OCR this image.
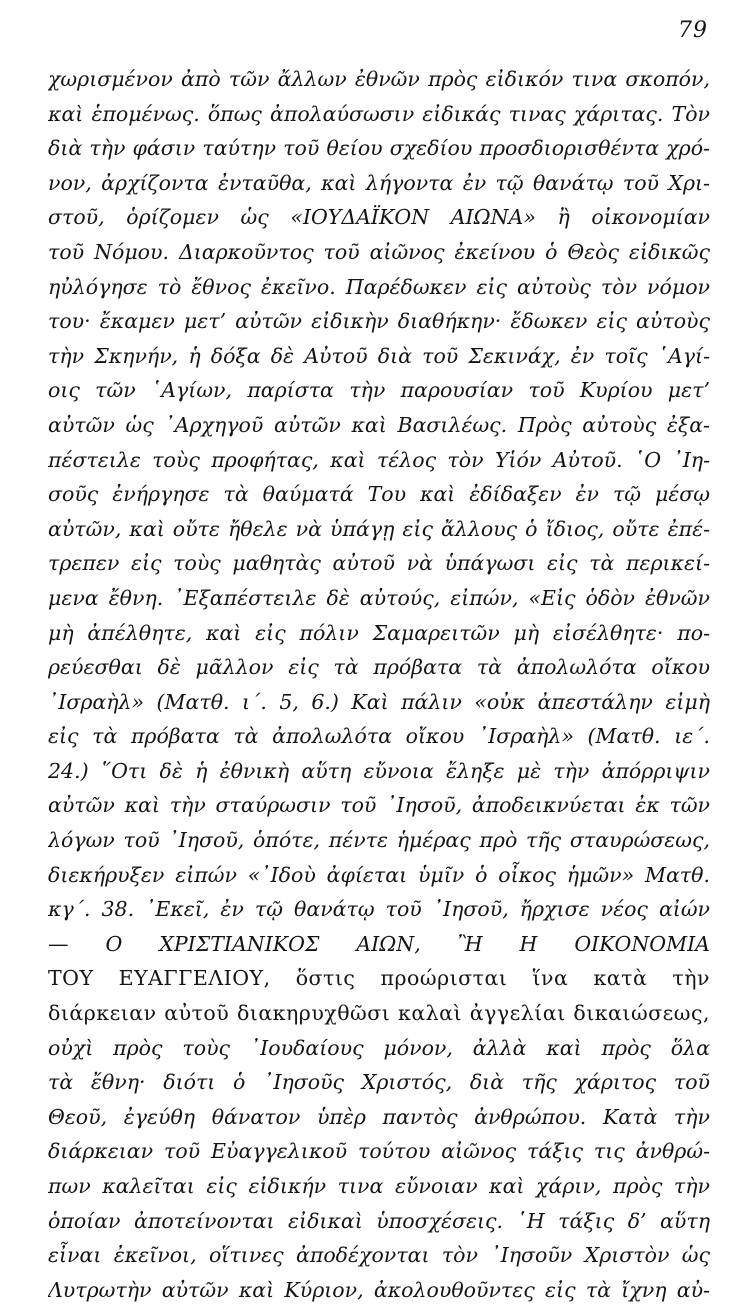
79
χωρισμένον ἀπὸ τῶν ἄλλων ἐθνῶν πρὸς εἰδικόν τινα σκοπόν,
καὶ ἑπομένως. ὅπως ἀπολαύσωσιν εἰδικάς τινας χάριτας. Τὸν
διὰ τὴν φάσιν ταύτην τοῦ θείου σχεδίου προσδιορισθέντα χρό-
νον, ἀρχίζοντα ἐνταῦθα, καὶ λήγοντα ἐν τῷ θανάτῳ τοῦ Χρι-
στοῦ, ὁρίζομεν ὡς «ΙΟΥΔΑΪΚΟΝ ΑΙΩΝΑ» ἢ οἰκονομίαν
τοῦ Νόμου. Διαρκοῦντος τοῦ αἰῶνος ἐκείνου ὁ Θεὸς εἰδικῶς
ηὐλόγησε τὸ ἔθνος ἐκεῖνο. Παρέδωκεν εἰς αὐτοὺς τὸν νόμον
του· ἔκαμεν μετ’ αὐτῶν εἰδικὴν διαθήκην· ἔδωκεν εἰς αὐτοὺς
τὴν Σκηνήν, ἡ δόξα δὲ Αὐτοῦ διὰ τοῦ Σεκινάχ, ἐν τοῖς ῾Αγί-
οις τῶν ῾Αγίων, παρίστα τὴν παρουσίαν τοῦ Κυρίου μετ’
αὐτῶν ὡς ᾿Αρχηγοῦ αὐτῶν καὶ Βασιλέως. Πρὸς αὐτοὺς ἐξα-
πέστειλε τοὺς προφήτας, καὶ τέλος τὸν Υἱόν Αὐτοῦ. ῾Ο ᾿Ιη-
σοῦς ἐνήργησε τὰ θαύματά Του καὶ ἐδίδαξεν ἐν τῷ μέσῳ
αὐτῶν, καὶ οὔτε ἤθελε νὰ ὑπάγῃ εἰς ἄλλους ὁ ἴδιος, οὔτε ἐπέ-
τρεπεν εἰς τοὺς μαθητὰς αὐτοῦ νὰ ὑπάγωσι εἰς τὰ περικεί-
μενα ἔθνη. ᾿Εξαπέστειλε δὲ αὐτούς, εἰπών, «Εἰς ὁδὸν ἐθνῶν
μὴ ἀπέλθητε, καὶ εἰς πόλιν Σαμαρειτῶν μὴ εἰσέλθητε· πο-
ρεύεσθαι δὲ μᾶλλον εἰς τὰ πρόβατα τὰ ἀπολωλότα οἴκου
᾿Ισραὴλ» (Ματθ. ι΄. 5, 6.) Καὶ πάλιν «οὐκ ἀπεστάλην εἰμὴ
εἰς τὰ πρόβατα τὰ ἀπολωλότα οἴκου ᾿Ισραὴλ» (Ματθ. ιε΄.
24.) ῞Οτι δὲ ἡ ἐθνικὴ αὕτη εὔνοια ἔληξε μὲ τὴν ἀπόρριψιν
αὐτῶν καὶ τὴν σταύρωσιν τοῦ ᾿Ιησοῦ, ἀποδεικνύεται ἐκ τῶν
λόγων τοῦ ᾿Ιησοῦ, ὁπότε, πέντε ἡμέρας πρὸ τῆς σταυρώσεως,
διεκήρυξεν εἰπών «᾿Ιδοὺ ἀφίεται ὑμῖν ὁ οἶκος ἡμῶν» Ματθ.
κγ΄. 38. ᾿Εκεῖ, ἐν τῷ θανάτῳ τοῦ ᾿Ιησοῦ, ἤρχισε νέος αἰών
— Ο ΧΡΙΣΤΙΑΝΙΚΟΣ ΑΙΩΝ, Ἢ Η ΟΙΚΟΝΟΜΙΑ
ΤΟΥ ΕΥΑΓΓΕΛΙΟΥ, ὅστις προώρισται ἵνα κατὰ τὴν
διάρκειαν αὐτοῦ διακηρυχθῶσι καλαὶ ἀγγελίαι δικαιώσεως,
οὐχὶ πρὸς τοὺς ᾿Ιουδαίους μόνον, ἀλλὰ καὶ πρὸς ὅλα
τὰ ἔθνη· διότι ὁ ᾿Ιησοῦς Χριστός, διὰ τῆς χάριτος τοῦ
Θεοῦ, ἐγεύθη θάνατον ὑπὲρ παντὸς ἀνθρώπου. Κατὰ τὴν
διάρκειαν τοῦ Εὐαγγελικοῦ τούτου αἰῶνος τάξις τις ἀνθρώ-
πων καλεῖται εἰς εἰδικήν τινα εὔνοιαν καὶ χάριν, πρὸς τὴν
ὁποίαν ἀποτείνονται εἰδικαὶ ὑποσχέσεις. ῾Η τάξις δ’ αὕτη
εἶναι ἐκεῖνοι, οἵτινες ἀποδέχονται τὸν ᾿Ιησοῦν Χριστὸν ὡς
Λυτρωτὴν αὐτῶν καὶ Κύριον, ἀκολουθοῦντες εἰς τὰ ἴχνη αὐ-
